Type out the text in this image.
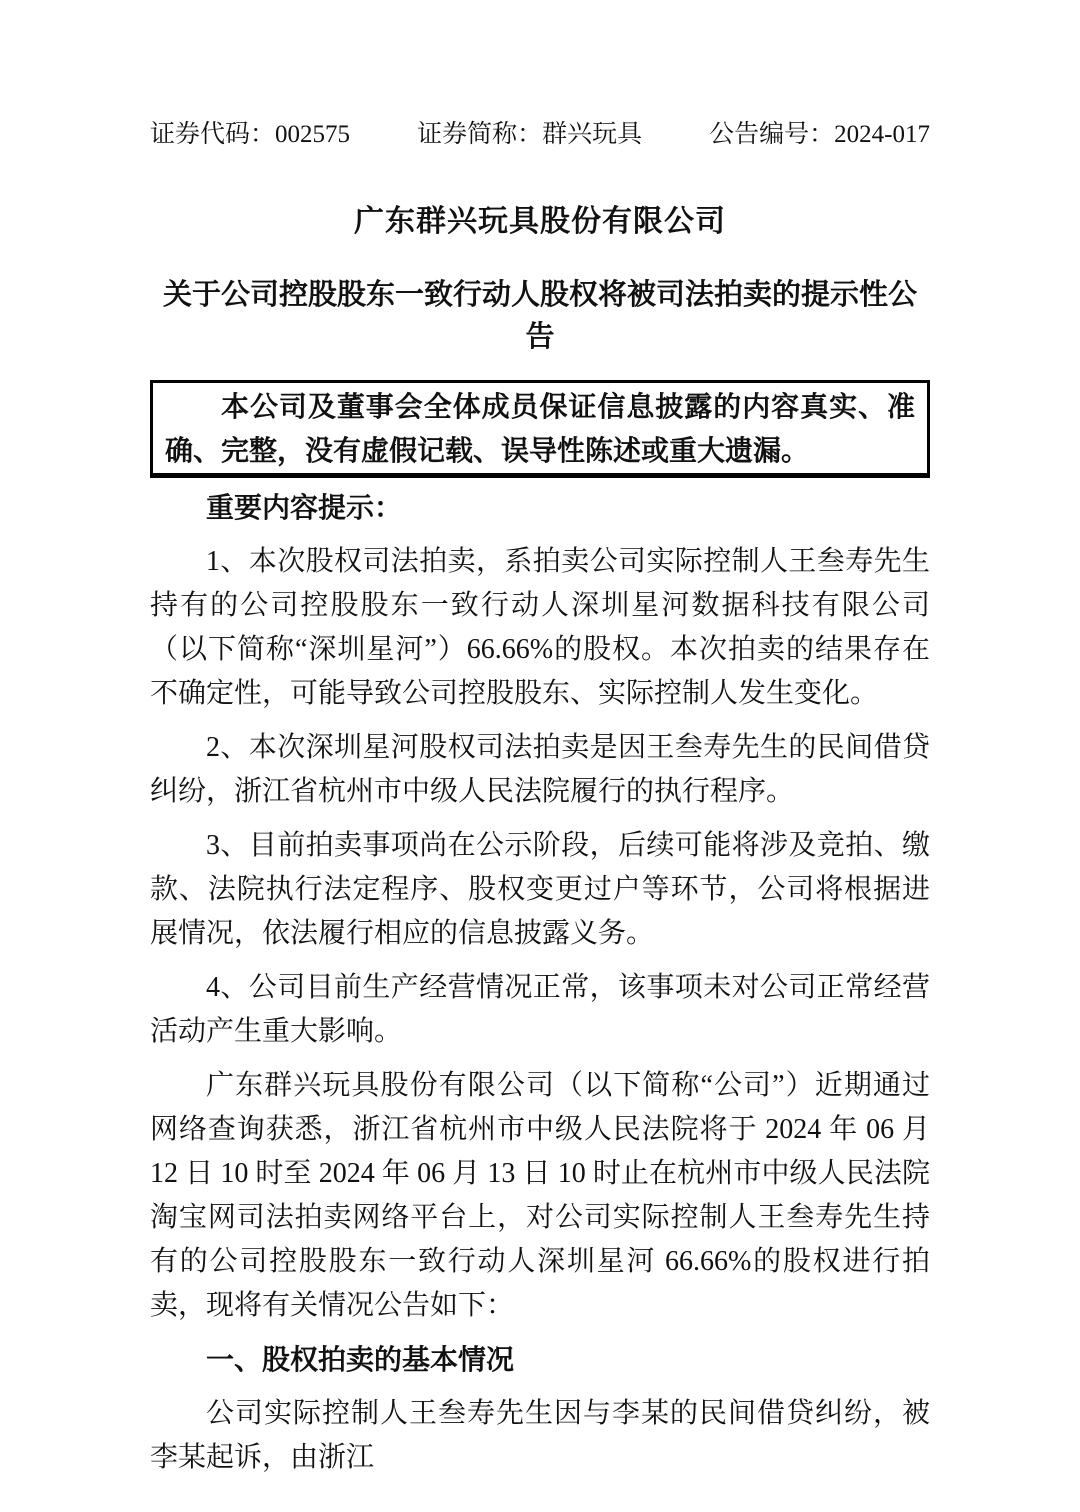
证券代码：002575	证券简称：群兴玩具	公告编号：2024-017
广东群兴玩具股份有限公司
关于公司控股股东一致行动人股权将被司法拍卖的提示性公告

本公司及董事会全体成员保证信息披露的内容真实、准确、完整，没有虚假记载、误导性陈述或重大遗漏。

重要内容提示：

1、本次股权司法拍卖，系拍卖公司实际控制人王叁寿先生持有的公司控股股东一致行动人深圳星河数据科技有限公司（以下简称“深圳星河”）66.66%的股权。本次拍卖的结果存在不确定性，可能导致公司控股股东、实际控制人发生变化。

2、本次深圳星河股权司法拍卖是因王叁寿先生的民间借贷纠纷，浙江省杭州市中级人民法院履行的执行程序。

3、目前拍卖事项尚在公示阶段，后续可能将涉及竞拍、缴款、法院执行法定程序、股权变更过户等环节，公司将根据进展情况，依法履行相应的信息披露义务。

4、公司目前生产经营情况正常，该事项未对公司正常经营活动产生重大影响。

广东群兴玩具股份有限公司（以下简称“公司”）近期通过网络查询获悉，浙江省杭州市中级人民法院将于 2024 年 06 月 12 日 10 时至 2024 年 06 月 13 日 10 时止在杭州市中级人民法院淘宝网司法拍卖网络平台上，对公司实际控制人王叁寿先生持有的公司控股股东一致行动人深圳星河 66.66%的股权进行拍卖，现将有关情况公告如下：

一、股权拍卖的基本情况

公司实际控制人王叁寿先生因与李某的民间借贷纠纷，被李某起诉，由浙江
